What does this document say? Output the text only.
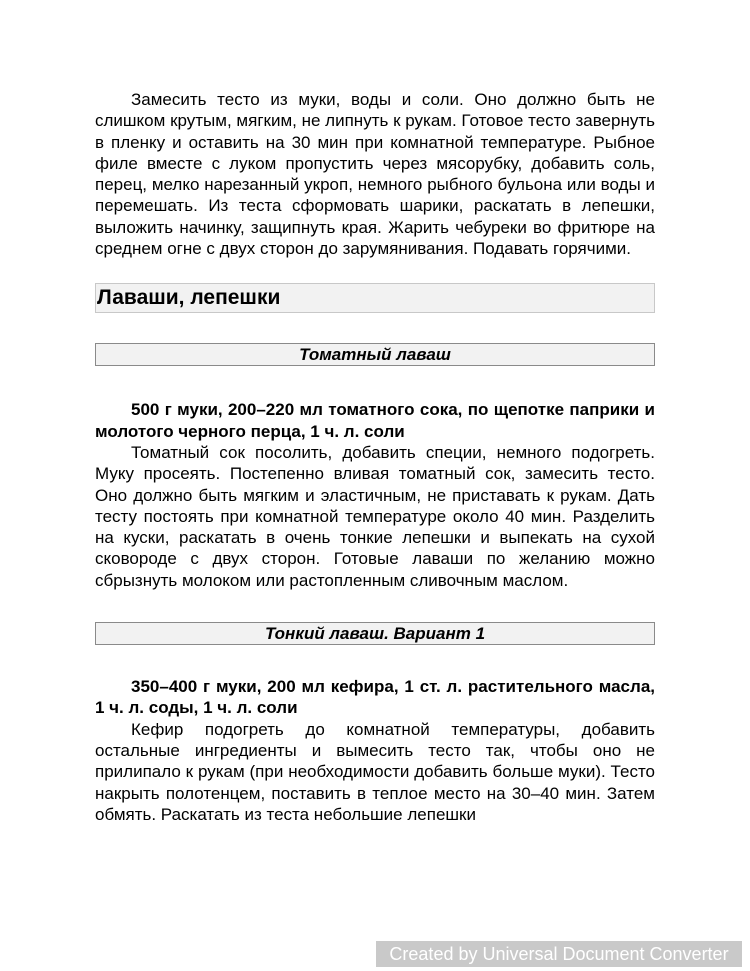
Замесить тесто из муки, воды и соли. Оно должно быть не слишком крутым, мягким, не липнуть к рукам. Готовое тесто завернуть в пленку и оставить на 30 мин при комнатной температуре. Рыбное филе вместе с луком пропустить через мясорубку, добавить соль, перец, мелко нарезанный укроп, немного рыбного бульона или воды и перемешать. Из теста сформовать шарики, раскатать в лепешки, выложить начинку, защипнуть края. Жарить чебуреки во фритюре на среднем огне с двух сторон до зарумянивания. Подавать горячими.

Лаваши, лепешки
Томатный лаваш

500 г муки, 200–220 мл томатного сока, по щепотке паприки и молотого черного перца, 1 ч. л. соли

Томатный сок посолить, добавить специи, немного подогреть. Муку просеять. Постепенно вливая томатный сок, замесить тесто. Оно должно быть мягким и эластичным, не приставать к рукам. Дать тесту постоять при комнатной температуре около 40 мин. Разделить на куски, раскатать в очень тонкие лепешки и выпекать на сухой сковороде с двух сторон. Готовые лаваши по желанию можно сбрызнуть молоком или растопленным сливочным маслом.

Тонкий лаваш. Вариант 1

350–400 г муки, 200 мл кефира, 1 ст. л. растительного масла, 1 ч. л. соды, 1 ч. л. соли

Кефир подогреть до комнатной температуры, добавить остальные ингредиенты и вымесить тесто так, чтобы оно не прилипало к рукам (при необходимости добавить больше муки). Тесто накрыть полотенцем, поставить в теплое место на 30–40 мин. Затем обмять. Раскатать из теста небольшие лепешки

Created by Universal Document Converter
